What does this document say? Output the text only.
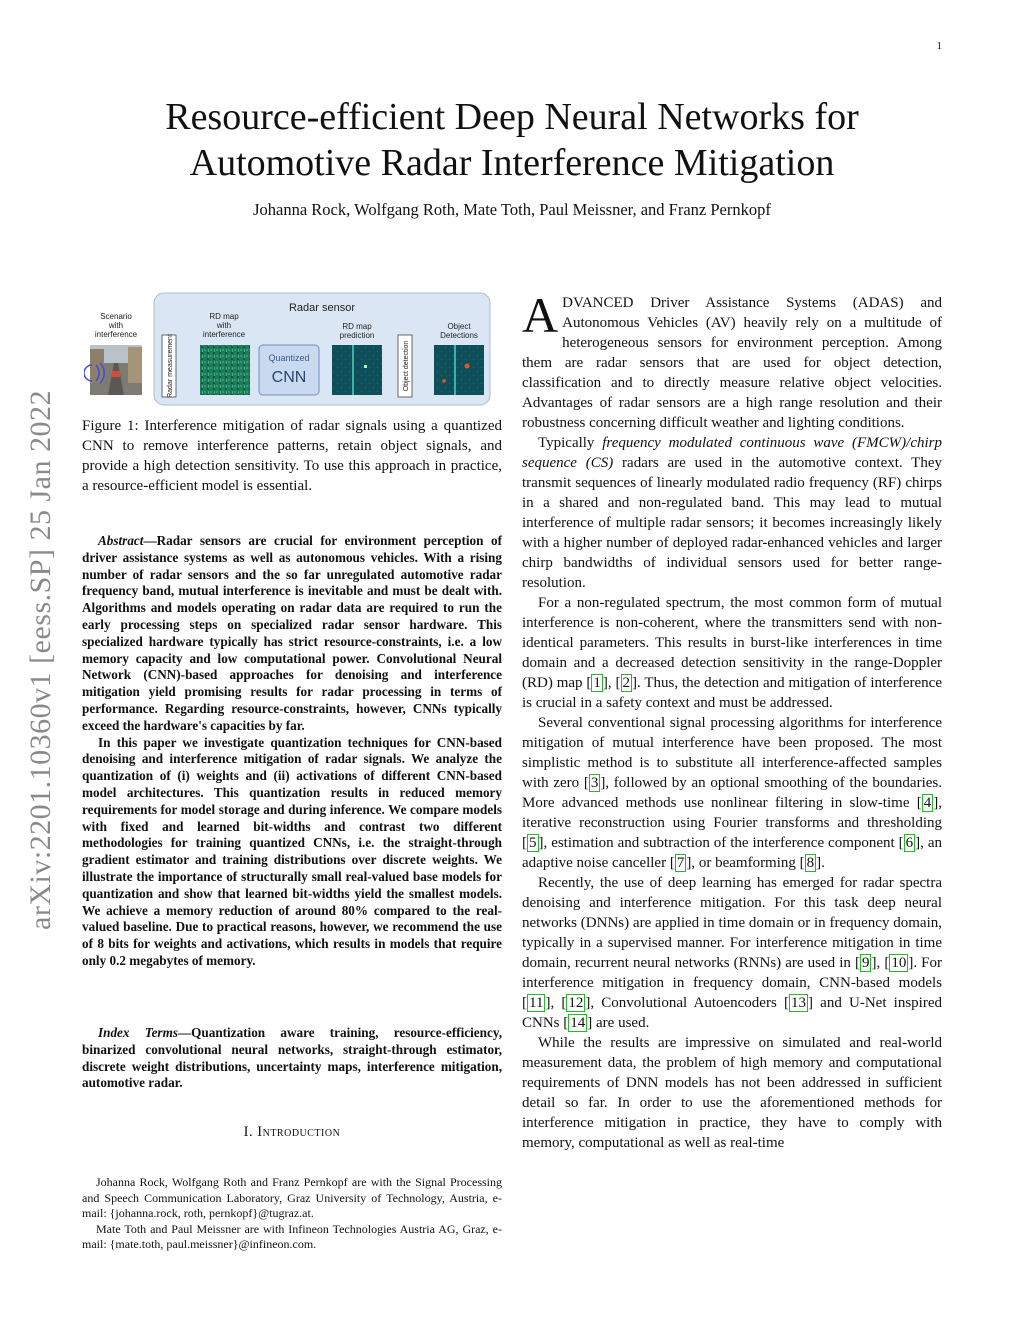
1
arXiv:2201.10360v1 [eess.SP] 25 Jan 2022
Resource-efficient Deep Neural Networks for
Automotive Radar Interference Mitigation
Johanna Rock, Wolfgang Roth, Mate Toth, Paul Meissner, and Franz Pernkopf
Radar sensor
Scenario
with
interference	Radar measurement
RD map
with
interference
Quantized
CNN
RD map
prediction
Object detection
Object
Detections
Figure 1: Interference mitigation of radar signals using a quantized CNN to remove interference patterns, retain object signals, and provide a high detection sensitivity. To use this approach in practice, a resource-efficient model is essential.

Abstract—Radar sensors are crucial for environment perception of driver assistance systems as well as autonomous vehicles. With a rising number of radar sensors and the so far unregulated automotive radar frequency band, mutual interference is inevitable and must be dealt with. Algorithms and models operating on radar data are required to run the early processing steps on specialized radar sensor hardware. This specialized hardware typically has strict resource-constraints, i.e. a low memory capacity and low computational power. Convolutional Neural Network (CNN)-based approaches for denoising and interference mitigation yield promising results for radar processing in terms of performance. Regarding resource-constraints, however, CNNs typically exceed the hardware's capacities by far.

In this paper we investigate quantization techniques for CNN-based denoising and interference mitigation of radar signals. We analyze the quantization of (i) weights and (ii) activations of different CNN-based model architectures. This quantization results in reduced memory requirements for model storage and during inference. We compare models with fixed and learned bit-widths and contrast two different methodologies for training quantized CNNs, i.e. the straight-through gradient estimator and training distributions over discrete weights. We illustrate the importance of structurally small real-valued base models for quantization and show that learned bit-widths yield the smallest models. We achieve a memory reduction of around 80% compared to the real-valued baseline. Due to practical reasons, however, we recommend the use of 8 bits for weights and activations, which results in models that require only 0.2 megabytes of memory.

Index Terms—Quantization aware training, resource-efficiency, binarized convolutional neural networks, straight-through estimator, discrete weight distributions, uncertainty maps, interference mitigation, automotive radar.

I. Introduction

Johanna Rock, Wolfgang Roth and Franz Pernkopf are with the Signal Processing and Speech Communication Laboratory, Graz University of Technology, Austria, e-mail: {johanna.rock, roth, pernkopf}@tugraz.at.

Mate Toth and Paul Meissner are with Infineon Technologies Austria AG, Graz, e-mail: {mate.toth, paul.meissner}@infineon.com.

ADVANCED Driver Assistance Systems (ADAS) and Autonomous Vehicles (AV) heavily rely on a multitude of heterogeneous sensors for environment perception. Among them are radar sensors that are used for object detection, classification and to directly measure relative object velocities. Advantages of radar sensors are a high range resolution and their robustness concerning difficult weather and lighting conditions.

Typically frequency modulated continuous wave (FMCW)/chirp sequence (CS) radars are used in the automotive context. They transmit sequences of linearly modulated radio frequency (RF) chirps in a shared and non-regulated band. This may lead to mutual interference of multiple radar sensors; it becomes increasingly likely with a higher number of deployed radar-enhanced vehicles and larger chirp bandwidths of individual sensors used for better range-resolution.

For a non-regulated spectrum, the most common form of mutual interference is non-coherent, where the transmitters send with non-identical parameters. This results in burst-like interferences in time domain and a decreased detection sensitivity in the range-Doppler (RD) map [ 1 ], [ 2 ]. Thus, the detection and mitigation of interference is crucial in a safety context and must be addressed.

Several conventional signal processing algorithms for interference mitigation of mutual interference have been proposed. The most simplistic method is to substitute all interference-affected samples with zero [ 3 ], followed by an optional smoothing of the boundaries. More advanced methods use nonlinear filtering in slow-time [ 4 ], iterative reconstruction using Fourier transforms and thresholding [ 5 ], estimation and subtraction of the interference component [ 6 ], an adaptive noise canceller [ 7 ], or beamforming [ 8 ].

Recently, the use of deep learning has emerged for radar spectra denoising and interference mitigation. For this task deep neural networks (DNNs) are applied in time domain or in frequency domain, typically in a supervised manner. For interference mitigation in time domain, recurrent neural networks (RNNs) are used in [ 9 ], [ 10 ]. For interference mitigation in frequency domain, CNN-based models [ 11 ], [ 12 ], Convolutional Autoencoders [ 13 ] and U-Net inspired CNNs [ 14 ] are used.

While the results are impressive on simulated and real-world measurement data, the problem of high memory and computational requirements of DNN models has not been addressed in sufficient detail so far. In order to use the aforementioned methods for interference mitigation in practice, they have to comply with memory, computational as well as real-time
